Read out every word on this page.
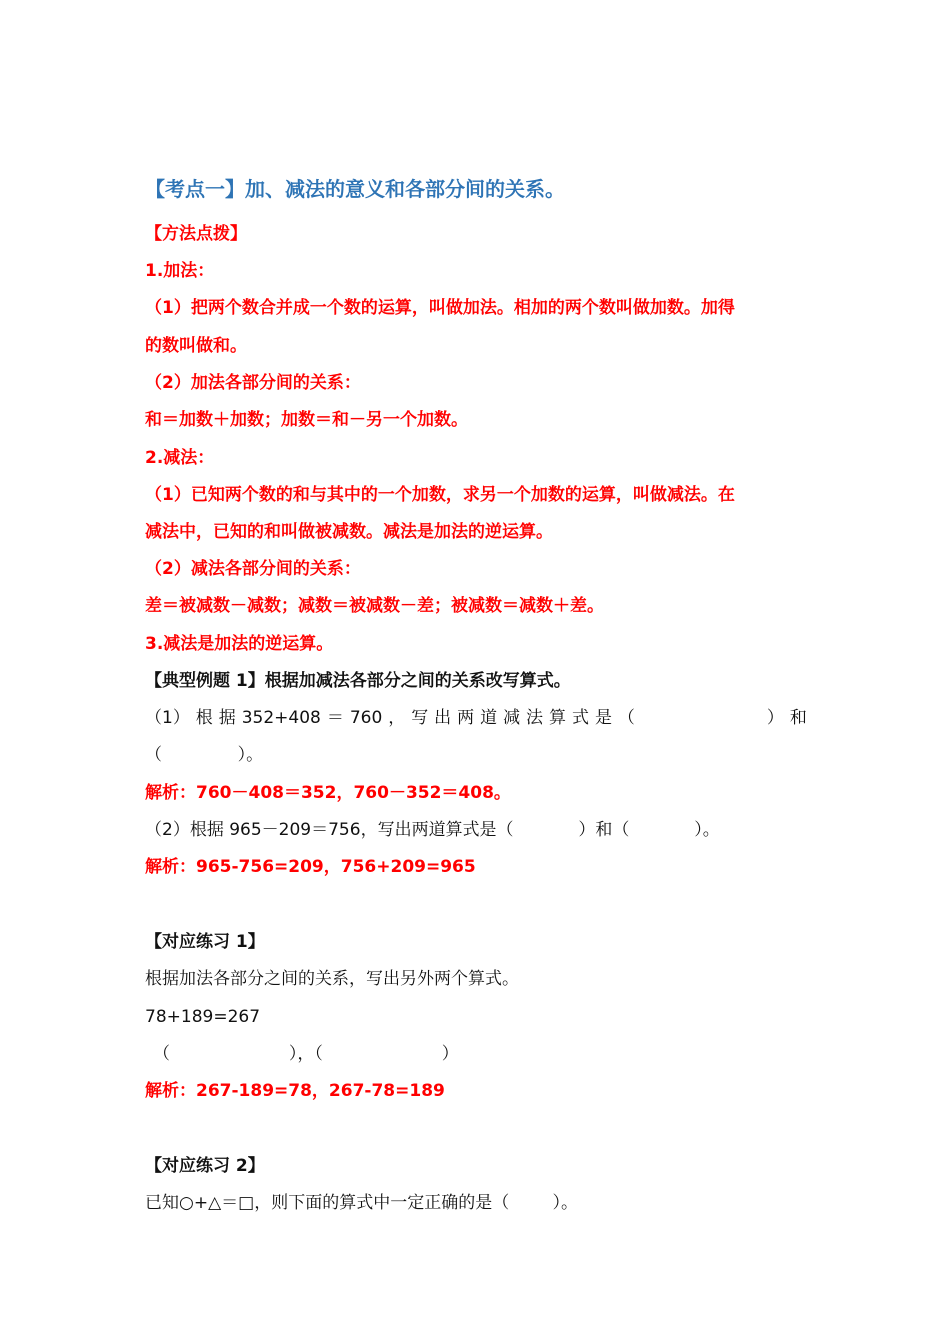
【考点一】加、减法的意义和各部分间的关系。
【方法点拨】
1.加法：
（1）把两个数合并成一个数的运算，叫做加法。相加的两个数叫做加数。加得
的数叫做和。
（2）加法各部分间的关系：
和＝加数＋加数；加数＝和－另一个加数。
2.减法：
（1）已知两个数的和与其中的一个加数，求另一个加数的运算，叫做减法。在
减法中，已知的和叫做被减数。减法是加法的逆运算。
（2）减法各部分间的关系：
差＝被减数－减数；减数＝被减数－差；被减数＝减数＋差。
3.减法是加法的逆运算。
【典型例题 1】根据加减法各部分之间的关系改写算式。
（1） 根 据 352+408 ＝ 760 ， 写 出 两 道 减 法 算 式 是 （	） 和
（              ）。
解析：760－408＝352，760－352＝408。
（2）根据 965－209＝756，写出两道算式是（            ）和（            ）。
解析：965-756=209，756+209=965
【对应练习 1】
根据加法各部分之间的关系，写出另外两个算式。
78+189=267
（                      ），（                      ）
解析：267-189=78，267-78=189
【对应练习 2】
已知○+△＝□，则下面的算式中一定正确的是（        ）。
